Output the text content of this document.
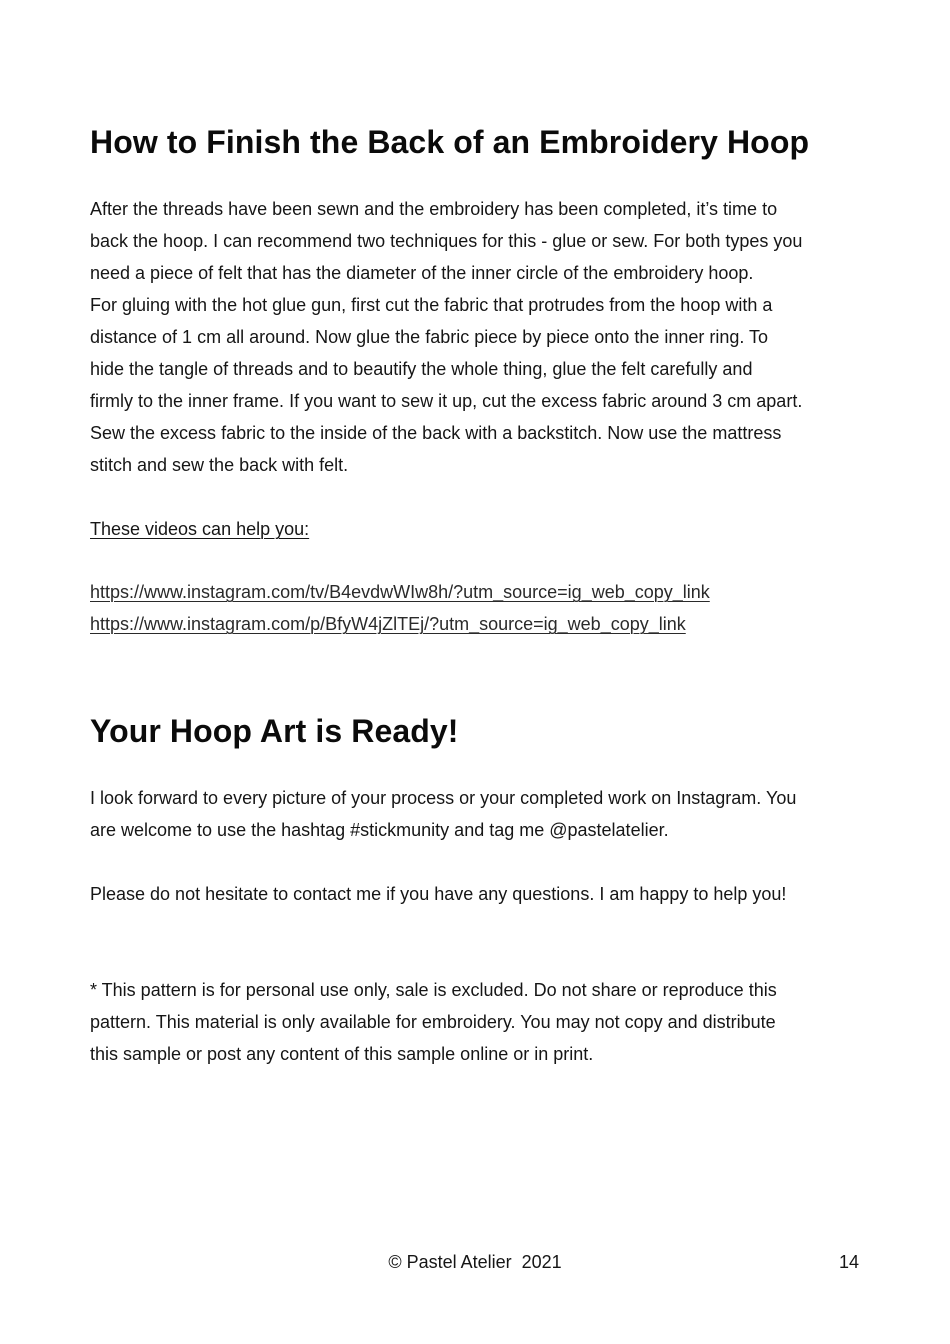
How to Finish the Back of an Embroidery Hoop
After the threads have been sewn and the embroidery has been completed, it’s time to
back the hoop. I can recommend two techniques for this - glue or sew. For both types you
need a piece of felt that has the diameter of the inner circle of the embroidery hoop.
For gluing with the hot glue gun, first cut the fabric that protrudes from the hoop with a
distance of 1 cm all around. Now glue the fabric piece by piece onto the inner ring. To
hide the tangle of threads and to beautify the whole thing, glue the felt carefully and
firmly to the inner frame. If you want to sew it up, cut the excess fabric around 3 cm apart.
Sew the excess fabric to the inside of the back with a backstitch. Now use the mattress
stitch and sew the back with felt.
These videos can help you:
https://www.instagram.com/tv/B4evdwWIw8h/?utm_source=ig_web_copy_link
https://www.instagram.com/p/BfyW4jZlTEj/?utm_source=ig_web_copy_link
Your Hoop Art is Ready!
I look forward to every picture of your process or your completed work on Instagram. You
are welcome to use the hashtag #stickmunity and tag me @pastelatelier.
Please do not hesitate to contact me if you have any questions. I am happy to help you!
* This pattern is for personal use only, sale is excluded. Do not share or reproduce this
pattern. This material is only available for embroidery. You may not copy and distribute
this sample or post any content of this sample online or in print.
© Pastel Atelier  2021	14
